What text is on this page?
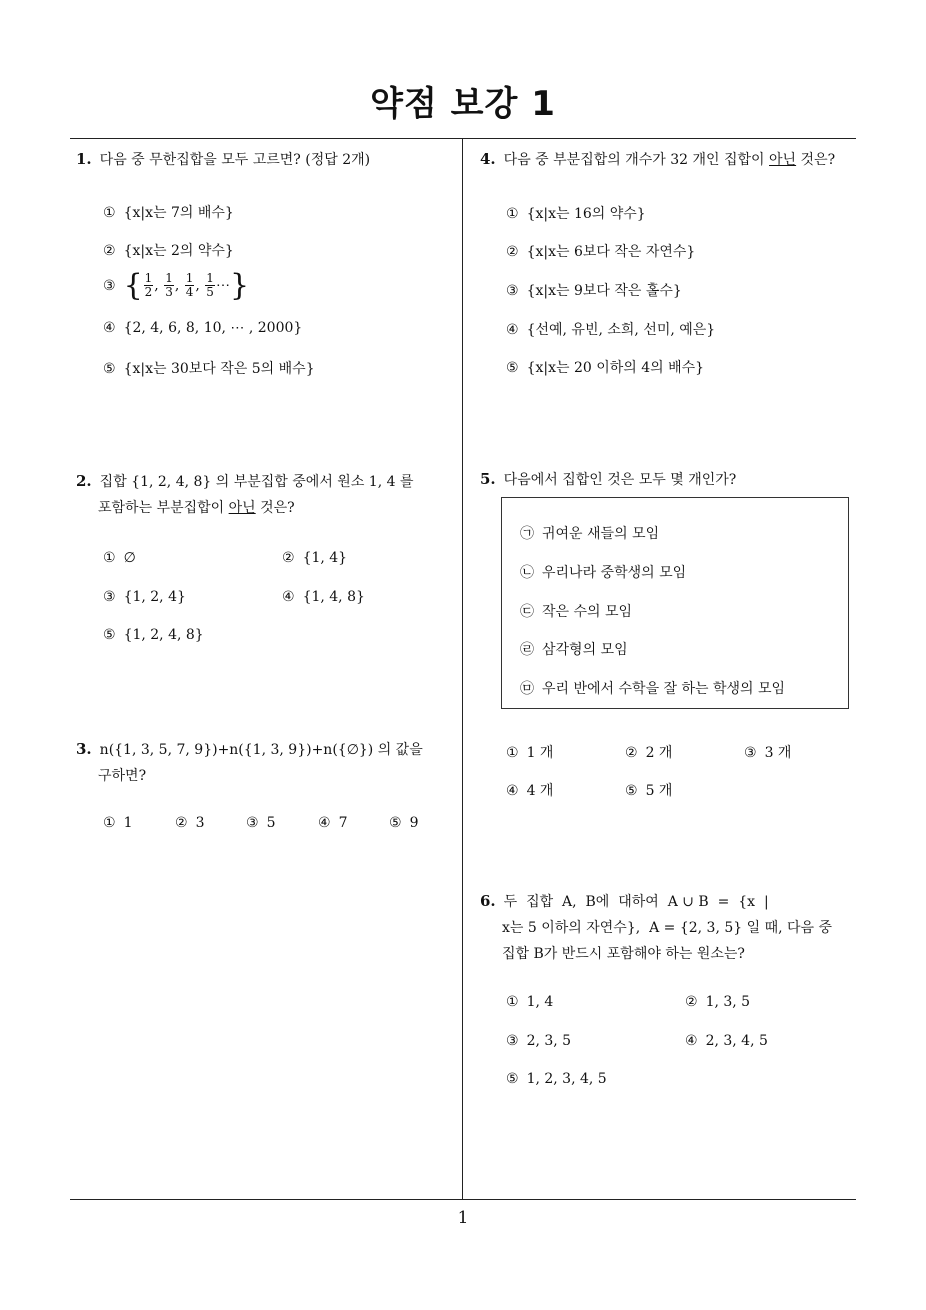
약점 보강 1
1
1. 다음 중 무한집합을 모두 고르면? (정답 2개)
① {x|x는 7의 배수}
② {x|x는 2의 약수}
③ { $\frac{1}{2}$ , $\frac{1}{3}$ , $\frac{1}{4}$ , $\frac{1}{5}$ ⋯}
④ {2, 4, 6, 8, 10, ⋯ , 2000}
⑤ {x|x는 30보다 작은 5의 배수}
2. 집합 {1, 2, 4, 8} 의 부분집합 중에서 원소 1, 4 를
포함하는 부분집합이 아닌 것은?
① ∅	② {1, 4}
③ {1, 2, 4}	④ {1, 4, 8}
⑤ {1, 2, 4, 8}
3. n({1, 3, 5, 7, 9})+n({1, 3, 9})+n({∅}) 의 값을
구하면?
① 1	② 3	③ 5	④ 7	⑤ 9
4. 다음 중 부분집합의 개수가 32 개인 집합이 아닌 것은?
① {x|x는 16의 약수}
② {x|x는 6보다 작은 자연수}
③ {x|x는 9보다 작은 홀수}
④ {선예, 유빈, 소희, 선미, 예은}
⑤ {x|x는 20 이하의 4의 배수}
5. 다음에서 집합인 것은 모두 몇 개인가?
㉠ 귀여운 새들의 모임
㉡ 우리나라 중학생의 모임
㉢ 작은 수의 모임
㉣ 삼각형의 모임
㉤ 우리 반에서 수학을 잘 하는 학생의 모임
① 1 개	② 2 개	③ 3 개
④ 4 개	⑤ 5 개
6. 두  집합  A,  B에  대하여  A ∪ B  =  {x  |
x는 5 이하의 자연수},  A = {2, 3, 5} 일 때, 다음 중
집합 B가 반드시 포함해야 하는 원소는?
① 1, 4	② 1, 3, 5
③ 2, 3, 5	④ 2, 3, 4, 5
⑤ 1, 2, 3, 4, 5
